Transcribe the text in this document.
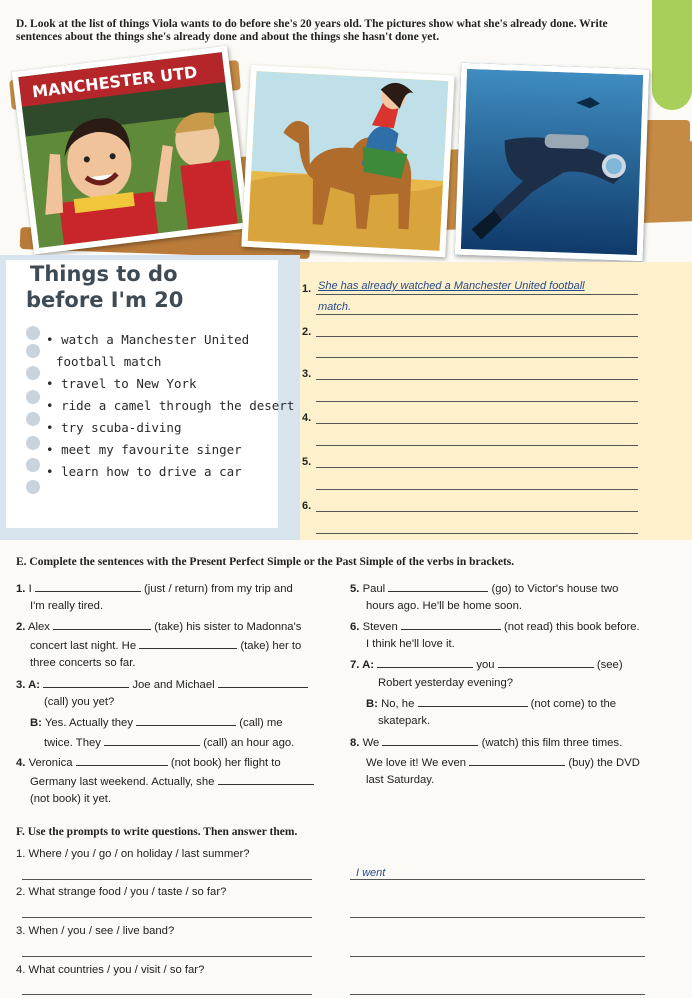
D. Look at the list of things Viola wants to do before she's 20 years old. The pictures show what she's already done. Write sentences about the things she's already done and about the things she hasn't done yet.
MANCHESTER UTD
Things to do
before I'm 20
• watch a Manchester United
football match
• travel to New York
• ride a camel through the desert
• try scuba-diving
• meet my favourite singer
• learn how to drive a car
1. She has already watched a Manchester United football
match.
2.
3.
4.
5.
6.
E. Complete the sentences with the Present Perfect Simple or the Past Simple of the verbs in brackets.
1. I	(just / return) from my trip and
I'm really tired.
2. Alex	(take) his sister to Madonna's
concert last night. He	(take) her to
three concerts so far.
3. A:	Joe and Michael
(call) you yet?
B: Yes. Actually they	(call) me
twice. They	(call) an hour ago.
4. Veronica	(not book) her flight to
Germany last weekend. Actually, she
(not book) it yet.
5. Paul	(go) to Victor's house two
hours ago. He'll be home soon.
6. Steven	(not read) this book before.
I think he'll love it.
7. A:	you	(see)
Robert yesterday evening?
B: No, he	(not come) to the
skatepark.
8. We	(watch) this film three times.
We love it! We even	(buy) the DVD
last Saturday.
F. Use the prompts to write questions. Then answer them.
1. Where / you / go / on holiday / last summer?
I went
2. What strange food / you / taste / so far?
3. When / you / see / live band?
4. What countries / you / visit / so far?
